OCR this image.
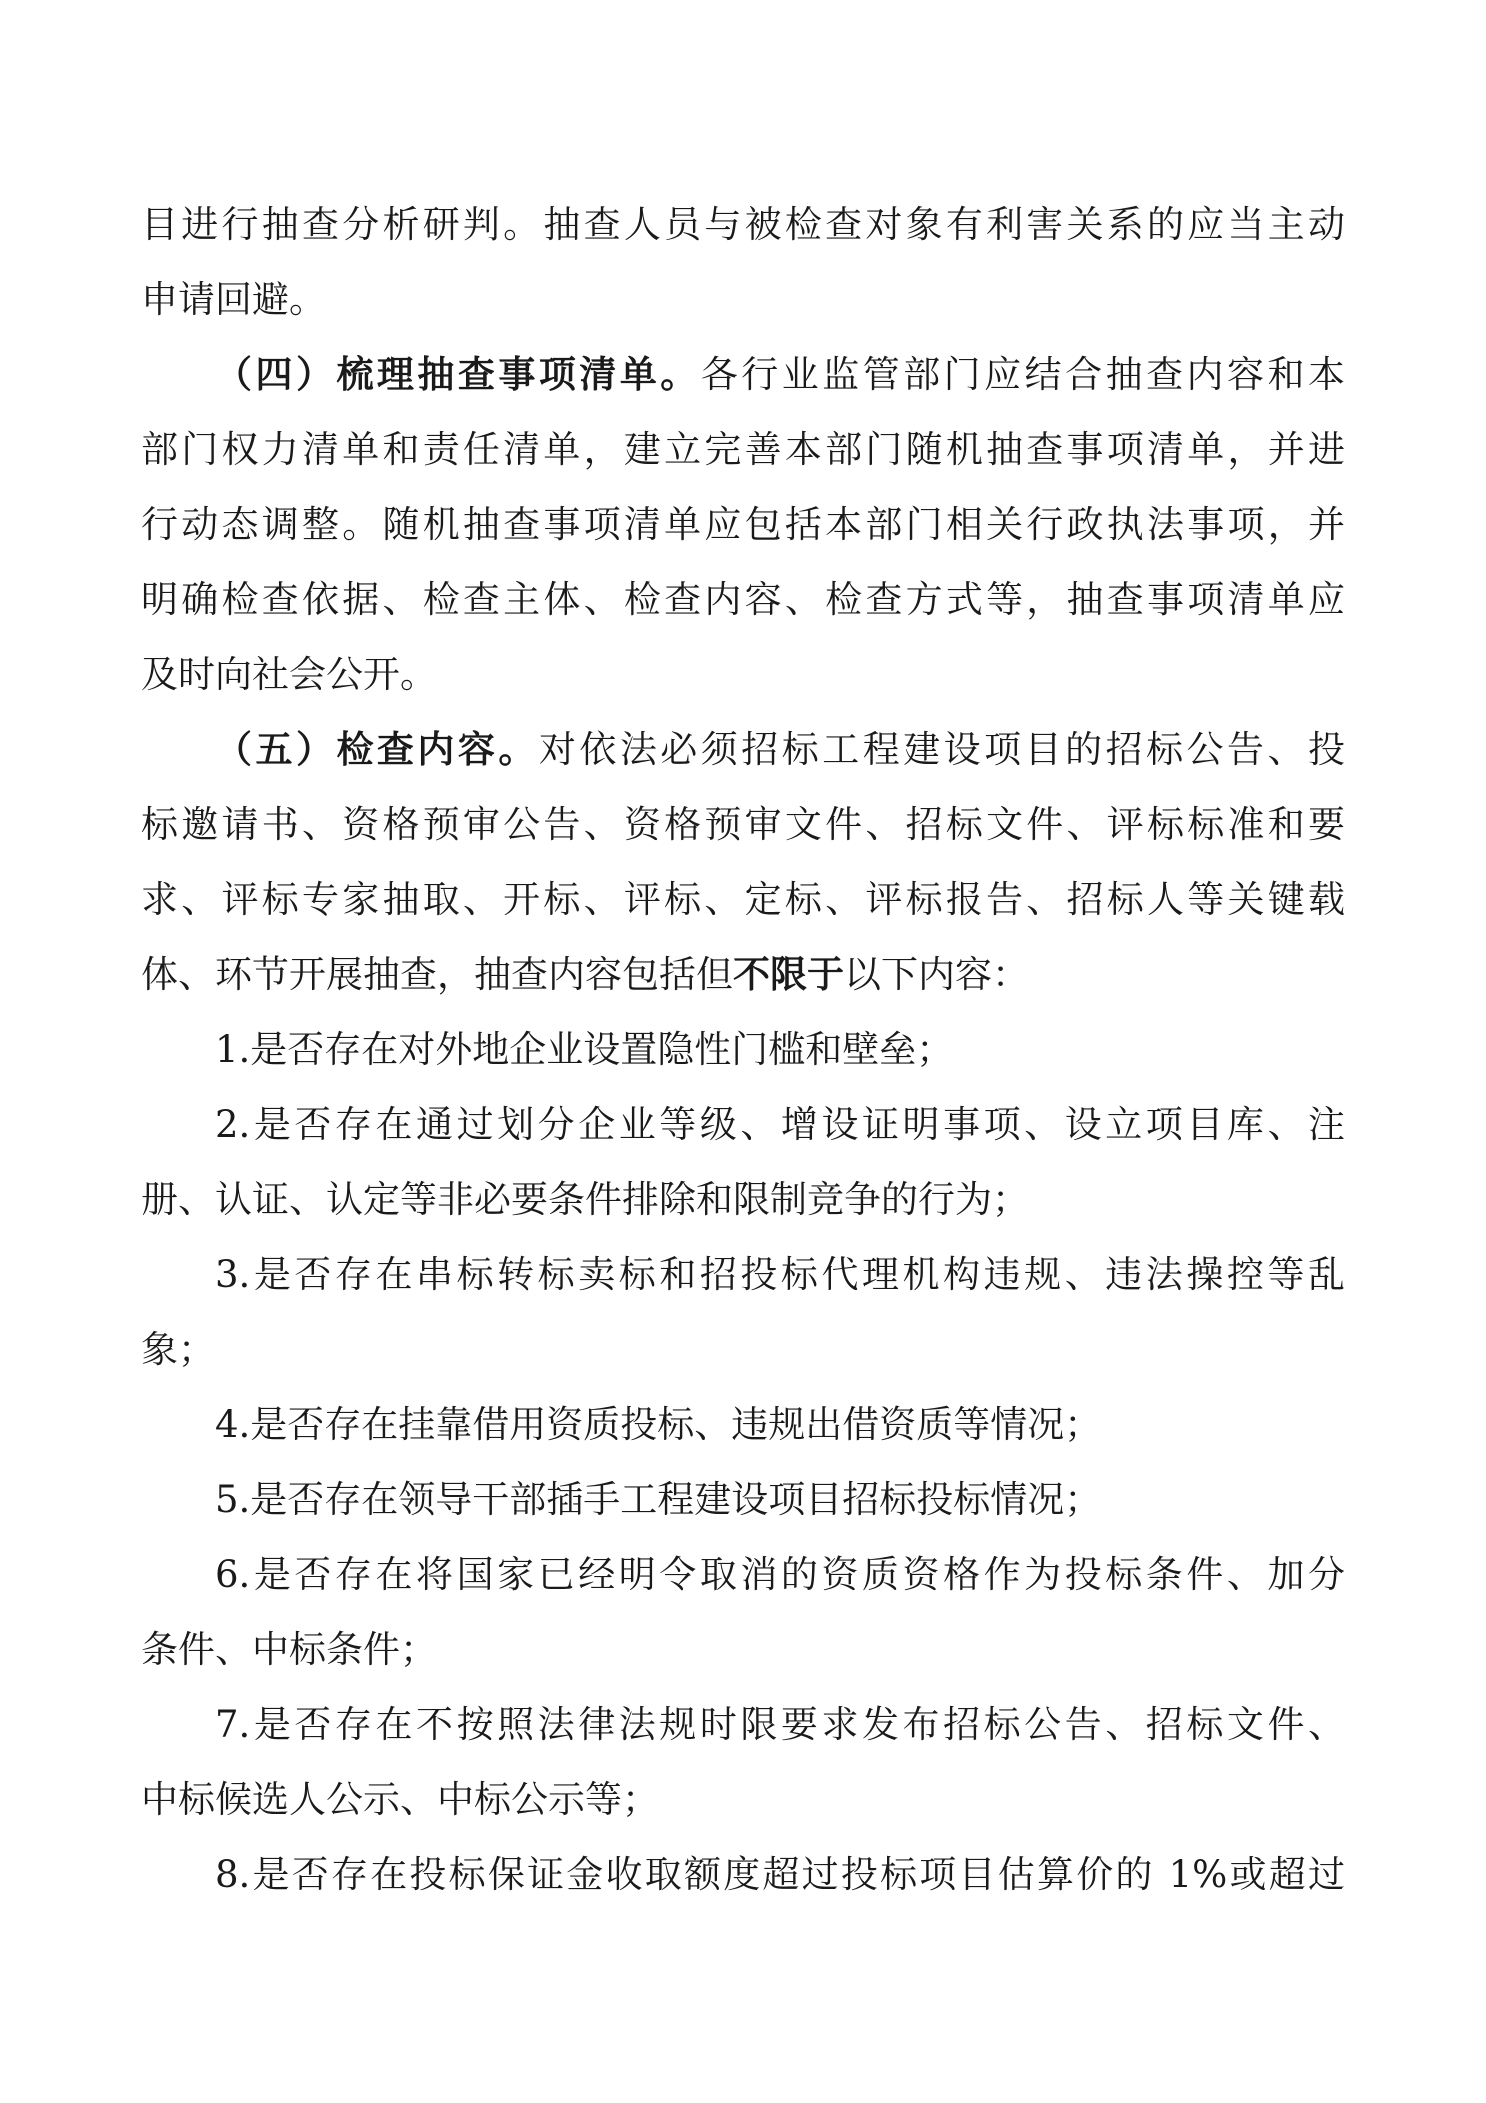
目进行抽查分析研判。抽查人员与被检查对象有利害关系的应当主动
申请回避。
（四）梳理抽查事项清单。各行业监管部门应结合抽查内容和本
部门权力清单和责任清单，建立完善本部门随机抽查事项清单，并进
行动态调整。随机抽查事项清单应包括本部门相关行政执法事项，并
明确检查依据、检查主体、检查内容、检查方式等，抽查事项清单应
及时向社会公开。
（五）检查内容。对依法必须招标工程建设项目的招标公告、投
标邀请书、资格预审公告、资格预审文件、招标文件、评标标准和要
求、评标专家抽取、开标、评标、定标、评标报告、招标人等关键载
体、环节开展抽查，抽查内容包括但不限于以下内容：
1.是否存在对外地企业设置隐性门槛和壁垒；
2.是否存在通过划分企业等级、增设证明事项、设立项目库、注
册、认证、认定等非必要条件排除和限制竞争的行为；
3.是否存在串标转标卖标和招投标代理机构违规、违法操控等乱
象；
4.是否存在挂靠借用资质投标、违规出借资质等情况；
5.是否存在领导干部插手工程建设项目招标投标情况；
6.是否存在将国家已经明令取消的资质资格作为投标条件、加分
条件、中标条件；
7.是否存在不按照法律法规时限要求发布招标公告、招标文件、
中标候选人公示、中标公示等；
8.是否存在投标保证金收取额度超过投标项目估算价的 1%或超过
